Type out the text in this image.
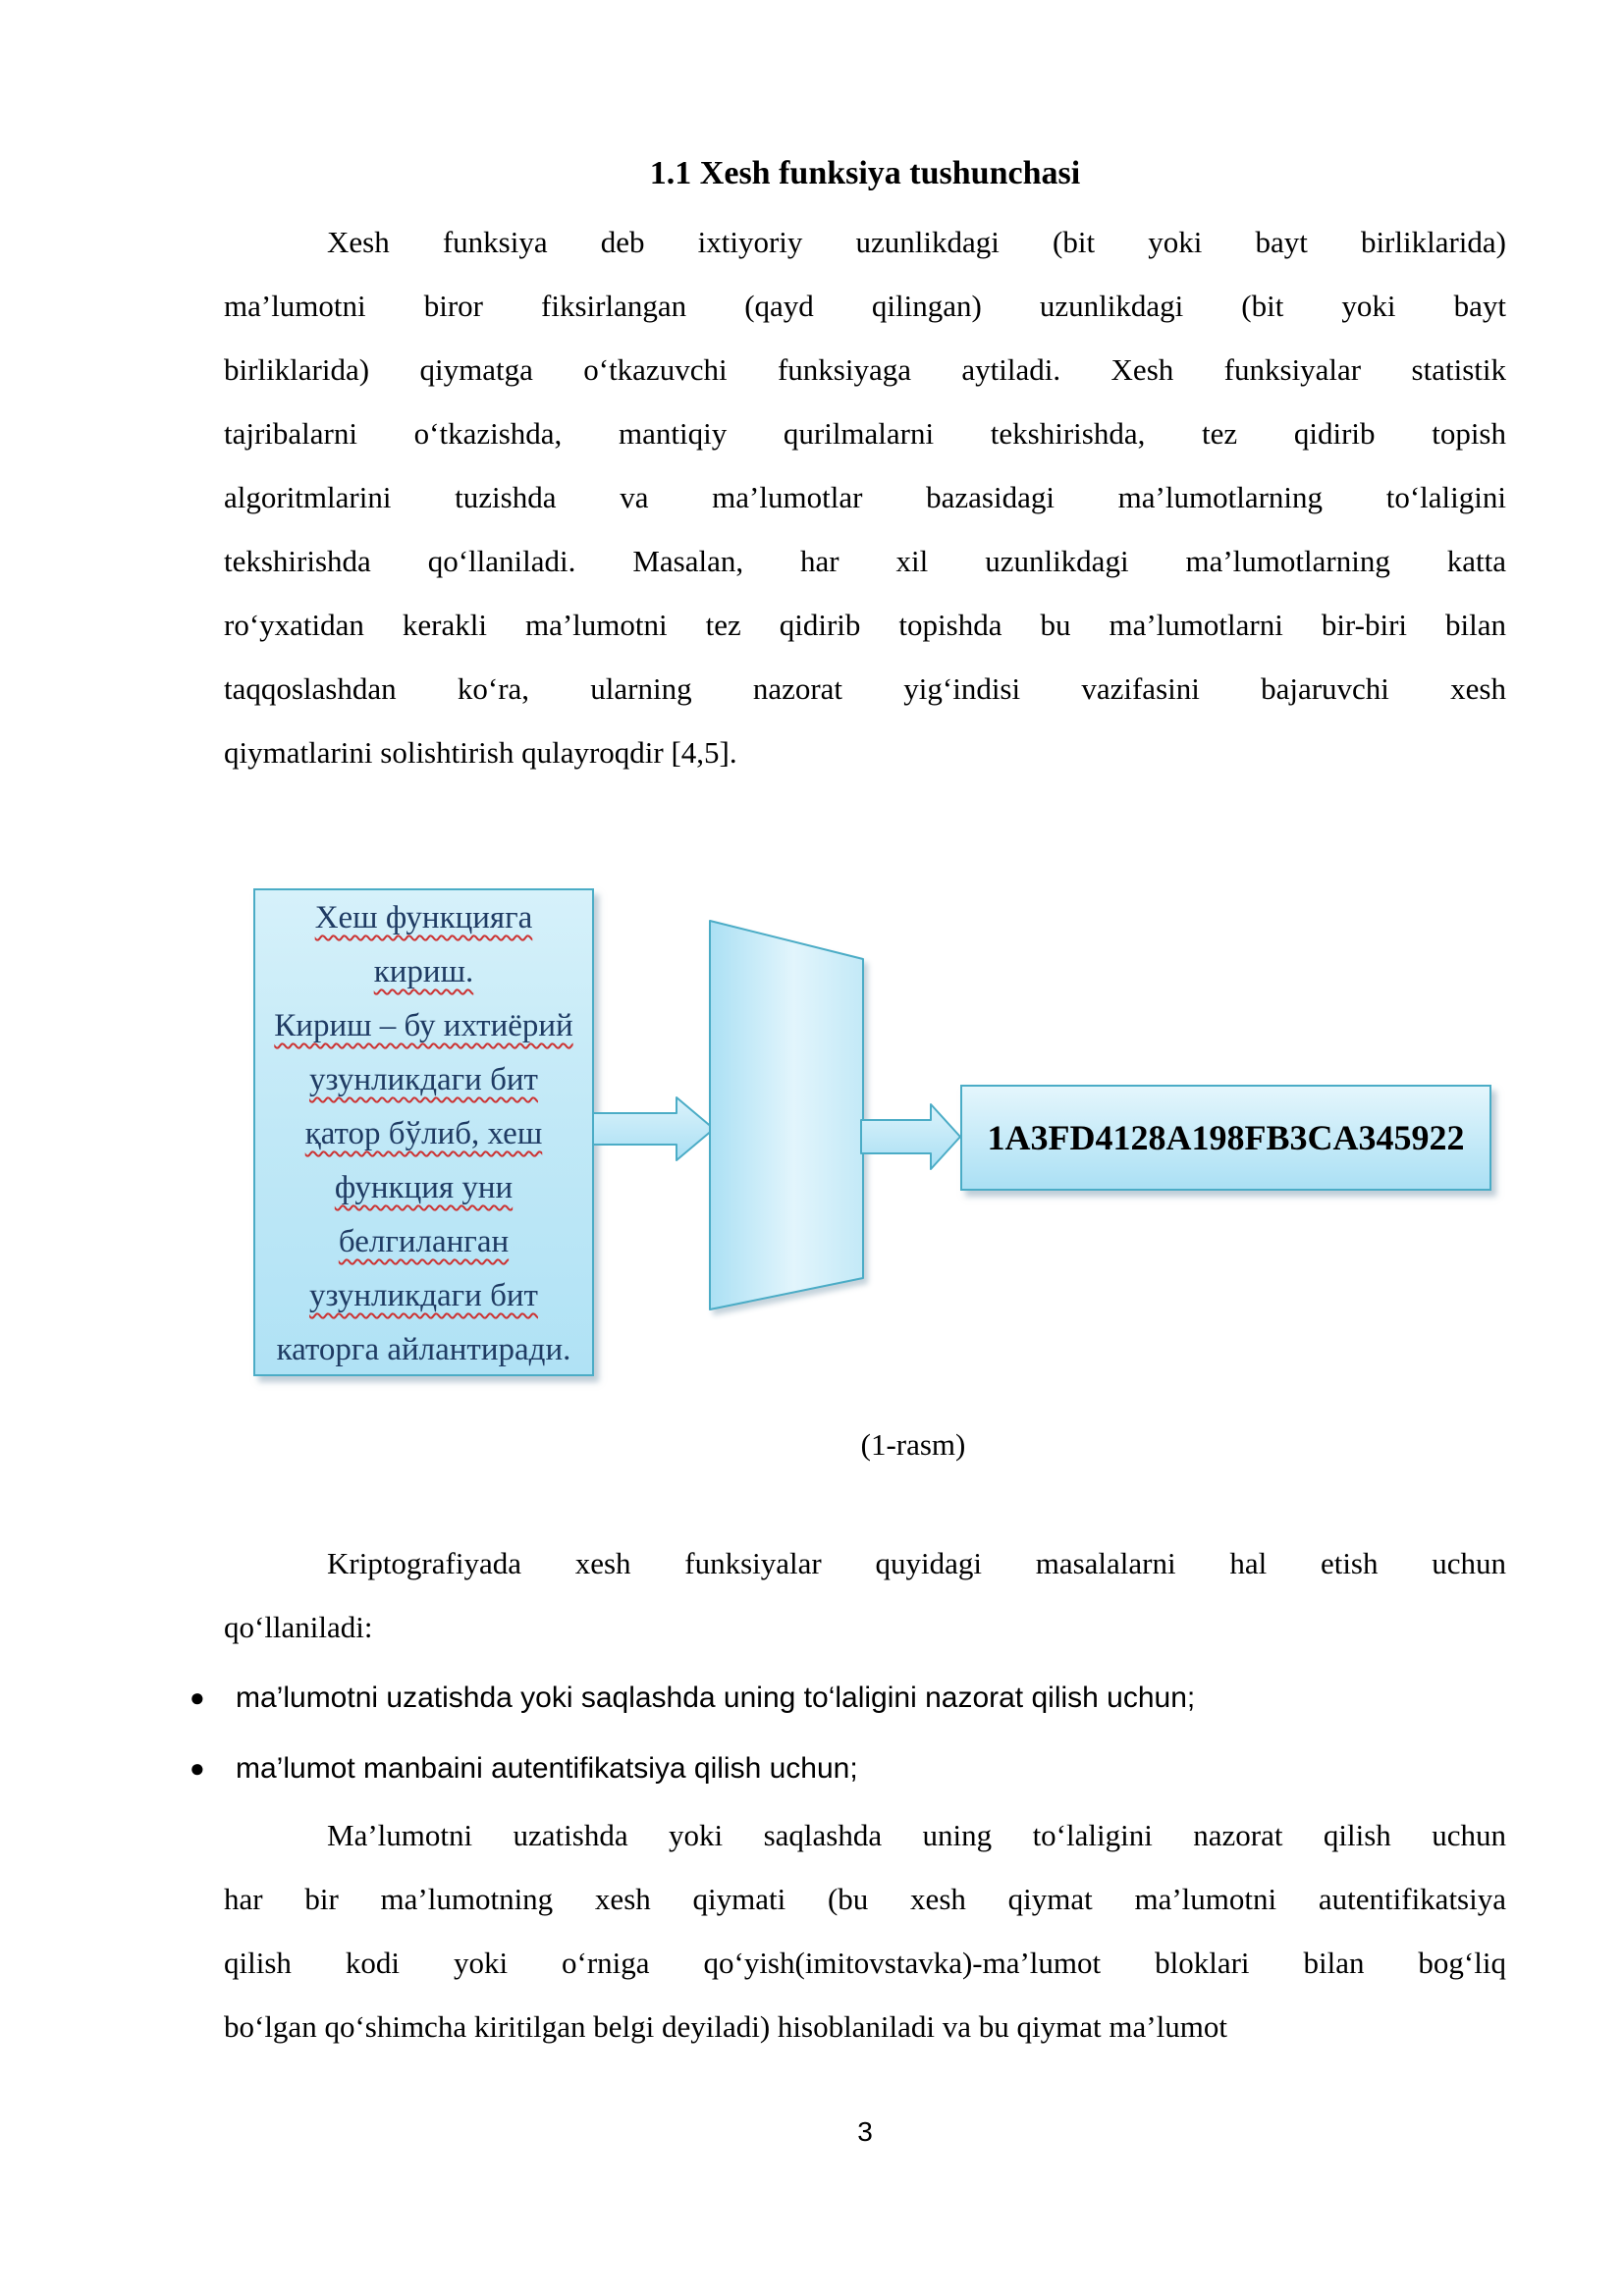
1.1 Xesh funksiya tushunchasi
Xesh funksiya deb ixtiyoriy uzunlikdagi (bit yoki bayt birliklarida)
ma’lumotni biror fiksirlangan (qayd qilingan) uzunlikdagi (bit yoki bayt
birliklarida) qiymatga o‘tkazuvchi funksiyaga aytiladi. Xesh funksiyalar statistik
tajribalarni o‘tkazishda, mantiqiy qurilmalarni tekshirishda, tez qidirib topish
algoritmlarini tuzishda va ma’lumotlar bazasidagi ma’lumotlarning to‘laligini
tekshirishda qo‘llaniladi. Masalan, har xil uzunlikdagi ma’lumotlarning katta
ro‘yxatidan kerakli ma’lumotni tez qidirib topishda bu ma’lumotlarni bir-biri bilan
taqqoslashdan ko‘ra, ularning nazorat yig‘indisi vazifasini bajaruvchi xesh
qiymatlarini solishtirish qulayroqdir [4,5].
Хеш функцияга
кириш.
Кириш – бу ихтиёрий
узунликдаги бит
қатор бўлиб, хеш
функция уни
белгиланган
узунликдаги бит
каторга айлантиради.
1A3FD4128A198FB3CA345922
(1-rasm)
Kriptografiyada xesh funksiyalar quyidagi masalalarni hal etish uchun
qo‘llaniladi:
● ma’lumotni uzatishda yoki saqlashda uning to‘laligini nazorat qilish uchun;
● ma’lumot manbaini autentifikatsiya qilish uchun;
Ma’lumotni uzatishda yoki saqlashda uning to‘laligini nazorat qilish uchun
har bir ma’lumotning xesh qiymati (bu xesh qiymat ma’lumotni autentifikatsiya
qilish kodi yoki o‘rniga qo‘yish(imitovstavka)-ma’lumot bloklari bilan bog‘liq
bo‘lgan qo‘shimcha kiritilgan belgi deyiladi) hisoblaniladi va bu qiymat ma’lumot
3
